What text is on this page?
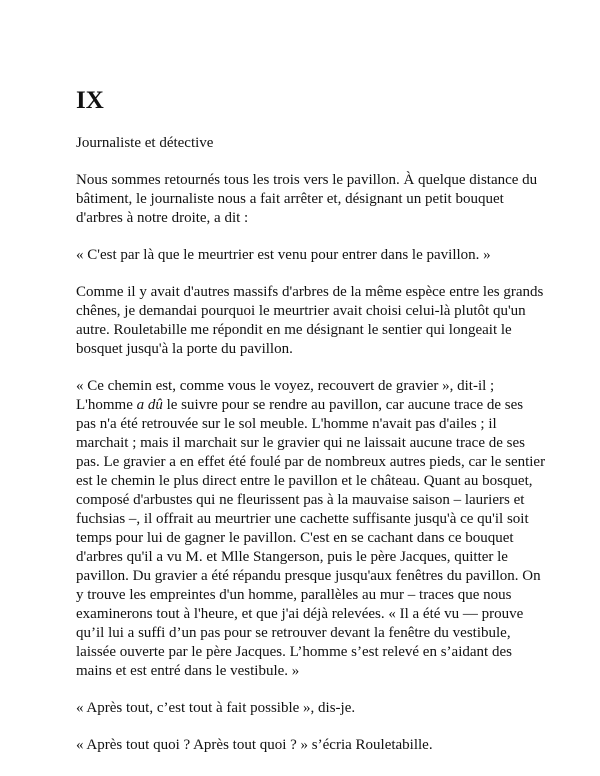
IX

Journaliste et détective

Nous sommes retournés tous les trois vers le pavillon. À quelque distance du bâtiment, le journaliste nous a fait arrêter et, désignant un petit bouquet d'arbres à notre droite, a dit :

« C'est par là que le meurtrier est venu pour entrer dans le pavillon. »

Comme il y avait d'autres massifs d'arbres de la même espèce entre les grands chênes, je demandai pourquoi le meurtrier avait choisi celui-là plutôt qu'un autre. Rouletabille me répondit en me désignant le sentier qui longeait le bosquet jusqu'à la porte du pavillon.

« Ce chemin est, comme vous le voyez, recouvert de gravier », dit-il ; L'homme a dû le suivre pour se rendre au pavillon, car aucune trace de ses pas n'a été retrouvée sur le sol meuble. L'homme n'avait pas d'ailes ; il marchait ; mais il marchait sur le gravier qui ne laissait aucune trace de ses pas. Le gravier a en effet été foulé par de nombreux autres pieds, car le sentier est le chemin le plus direct entre le pavillon et le château. Quant au bosquet, composé d'arbustes qui ne fleurissent pas à la mauvaise saison – lauriers et fuchsias –, il offrait au meurtrier une cachette suffisante jusqu'à ce qu'il soit temps pour lui de gagner le pavillon. C'est en se cachant dans ce bouquet d'arbres qu'il a vu M. et Mlle Stangerson, puis le père Jacques, quitter le pavillon. Du gravier a été répandu presque jusqu'aux fenêtres du pavillon. On y trouve les empreintes d'un homme, parallèles au mur – traces que nous examinerons tout à l'heure, et que j'ai déjà relevées. « Il a été vu — prouve qu’il lui a suffi d’un pas pour se retrouver devant la fenêtre du vestibule, laissée ouverte par le père Jacques. L’homme s’est relevé en s’aidant des mains et est entré dans le vestibule. »

« Après tout, c’est tout à fait possible », dis-je.

« Après tout quoi ? Après tout quoi ? » s’écria Rouletabille.
